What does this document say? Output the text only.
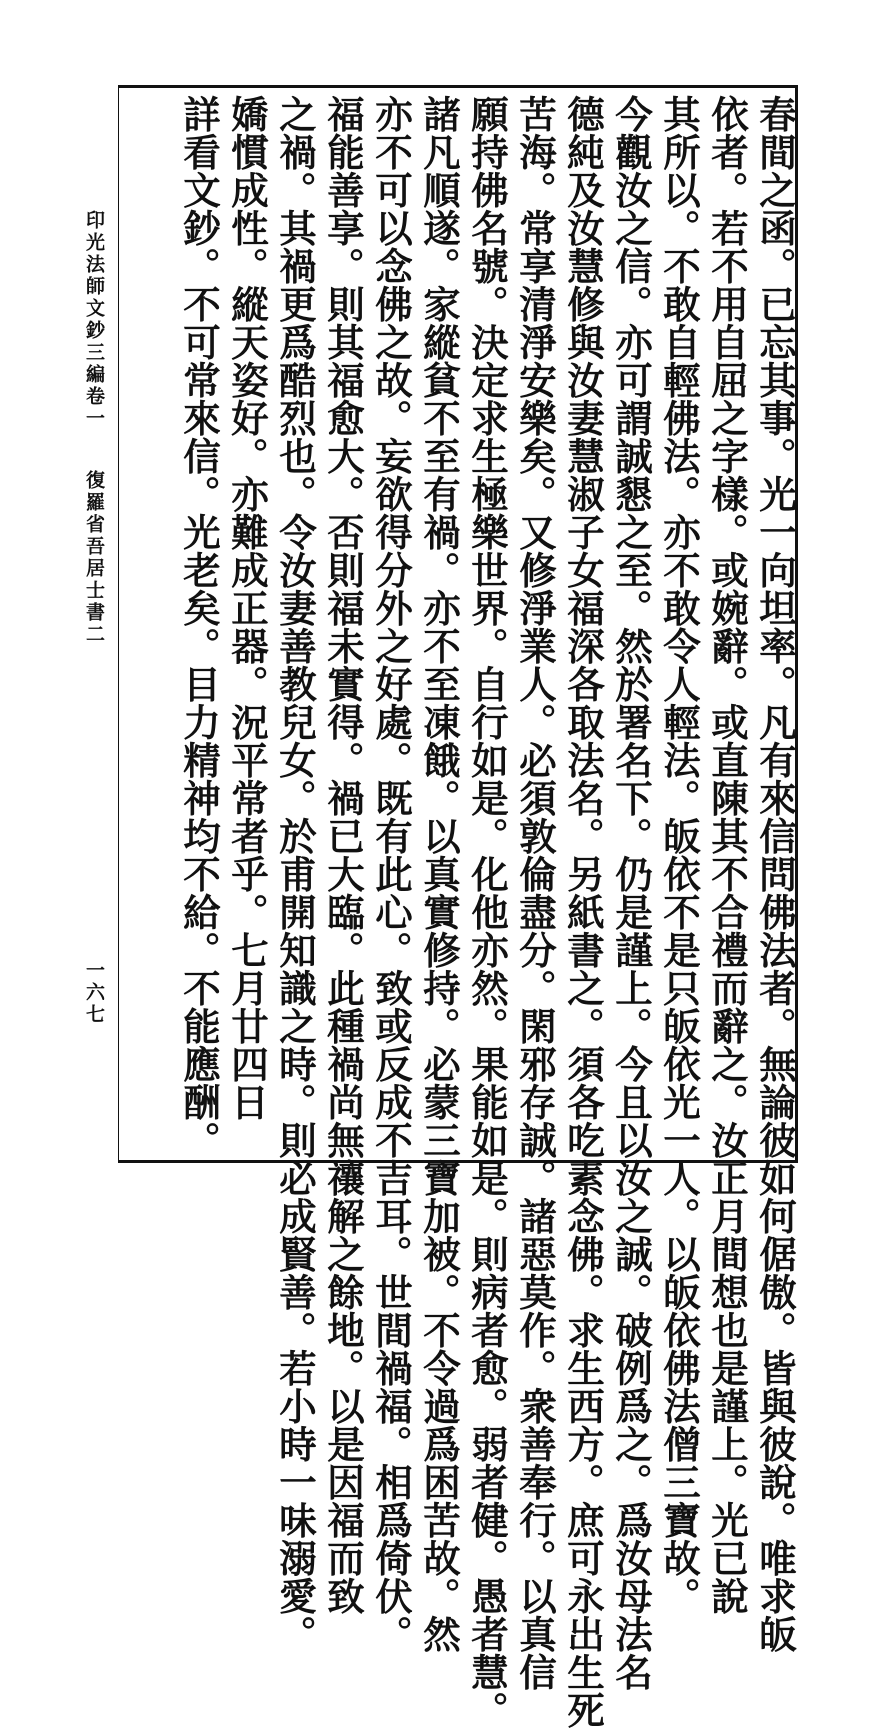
春間之函。已忘其事。光一向坦率。凡有來信問佛法者。無論彼如何倨傲。皆與彼說。唯求皈
依者。若不用自屈之字樣。或婉辭。或直陳其不合禮而辭之。汝正月間想也是謹上。光已說
其所以。不敢自輕佛法。亦不敢令人輕法。皈依不是只皈依光一人。以皈依佛法僧三寶故。
今觀汝之信。亦可謂誠懇之至。然於署名下。仍是謹上。今且以汝之誠。破例爲之。爲汝母法名
德純及汝慧修與汝妻慧淑子女福深各取法名。另紙書之。須各吃素念佛。求生西方。庶可永出生死
苦海。常享清淨安樂矣。又修淨業人。必須敦倫盡分。閑邪存誠。諸惡莫作。衆善奉行。以真信
願持佛名號。決定求生極樂世界。自行如是。化他亦然。果能如是。則病者愈。弱者健。愚者慧。
諸凡順遂。家縱貧不至有禍。亦不至凍餓。以真實修持。必蒙三寶加被。不令過爲困苦故。然
亦不可以念佛之故。妄欲得分外之好處。既有此心。致或反成不吉耳。世間禍福。相爲倚伏。
福能善享。則其福愈大。否則福未實得。禍已大臨。此種禍尚無禳解之餘地。以是因福而致
之禍。其禍更爲酷烈也。令汝妻善教兒女。於甫開知識之時。則必成賢善。若小時一味溺愛。
嬌慣成性。縱天姿好。亦難成正器。況平常者乎。七月廿四日
詳看文鈔。不可常來信。光老矣。目力精神均不給。不能應酬。
印光法師文鈔三編卷一
復羅省吾居士書二
一六七
